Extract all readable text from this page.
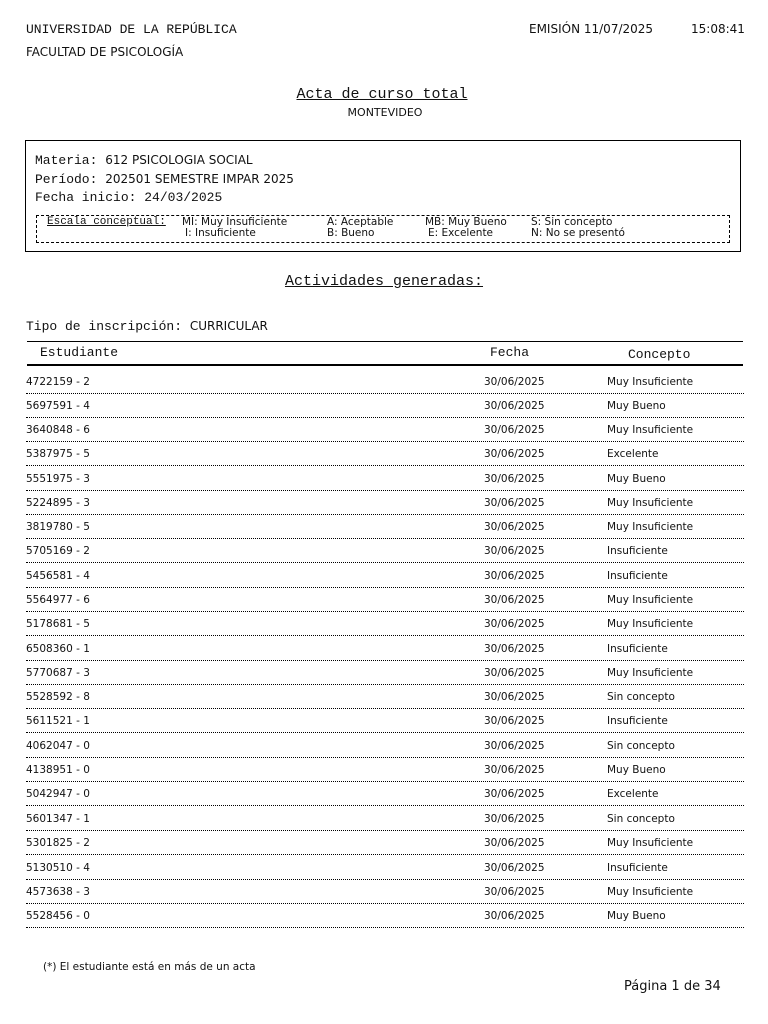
UNIVERSIDAD DE LA REPÚBLICA
FACULTAD DE PSICOLOGÍA
EMISIÓN 11/07/2025	15:08:41
Acta de curso total
MONTEVIDEO
Materia: 612 PSICOLOGIA SOCIAL
Período: 202501 SEMESTRE IMPAR 2025
Fecha inicio: 24/03/2025
Escala conceptual: MI: Muy Insuficiente
I: Insuficiente
A: Aceptable
B: Bueno
MB: Muy Bueno
E: Excelente
S: Sin concepto
N: No se presentó
Actividades generadas:
Tipo de inscripción: CURRICULAR
Estudiante	Fecha	Concepto
4722159 - 2	30/06/2025	Muy Insuficiente
5697591 - 4	30/06/2025	Muy Bueno
3640848 - 6	30/06/2025	Muy Insuficiente
5387975 - 5	30/06/2025	Excelente
5551975 - 3	30/06/2025	Muy Bueno
5224895 - 3	30/06/2025	Muy Insuficiente
3819780 - 5	30/06/2025	Muy Insuficiente
5705169 - 2	30/06/2025	Insuficiente
5456581 - 4	30/06/2025	Insuficiente
5564977 - 6	30/06/2025	Muy Insuficiente
5178681 - 5	30/06/2025	Muy Insuficiente
6508360 - 1	30/06/2025	Insuficiente
5770687 - 3	30/06/2025	Muy Insuficiente
5528592 - 8	30/06/2025	Sin concepto
5611521 - 1	30/06/2025	Insuficiente
4062047 - 0	30/06/2025	Sin concepto
4138951 - 0	30/06/2025	Muy Bueno
5042947 - 0	30/06/2025	Excelente
5601347 - 1	30/06/2025	Sin concepto
5301825 - 2	30/06/2025	Muy Insuficiente
5130510 - 4	30/06/2025	Insuficiente
4573638 - 3	30/06/2025	Muy Insuficiente
5528456 - 0	30/06/2025	Muy Bueno
(*) El estudiante está en más de un acta
Página 1 de 34
